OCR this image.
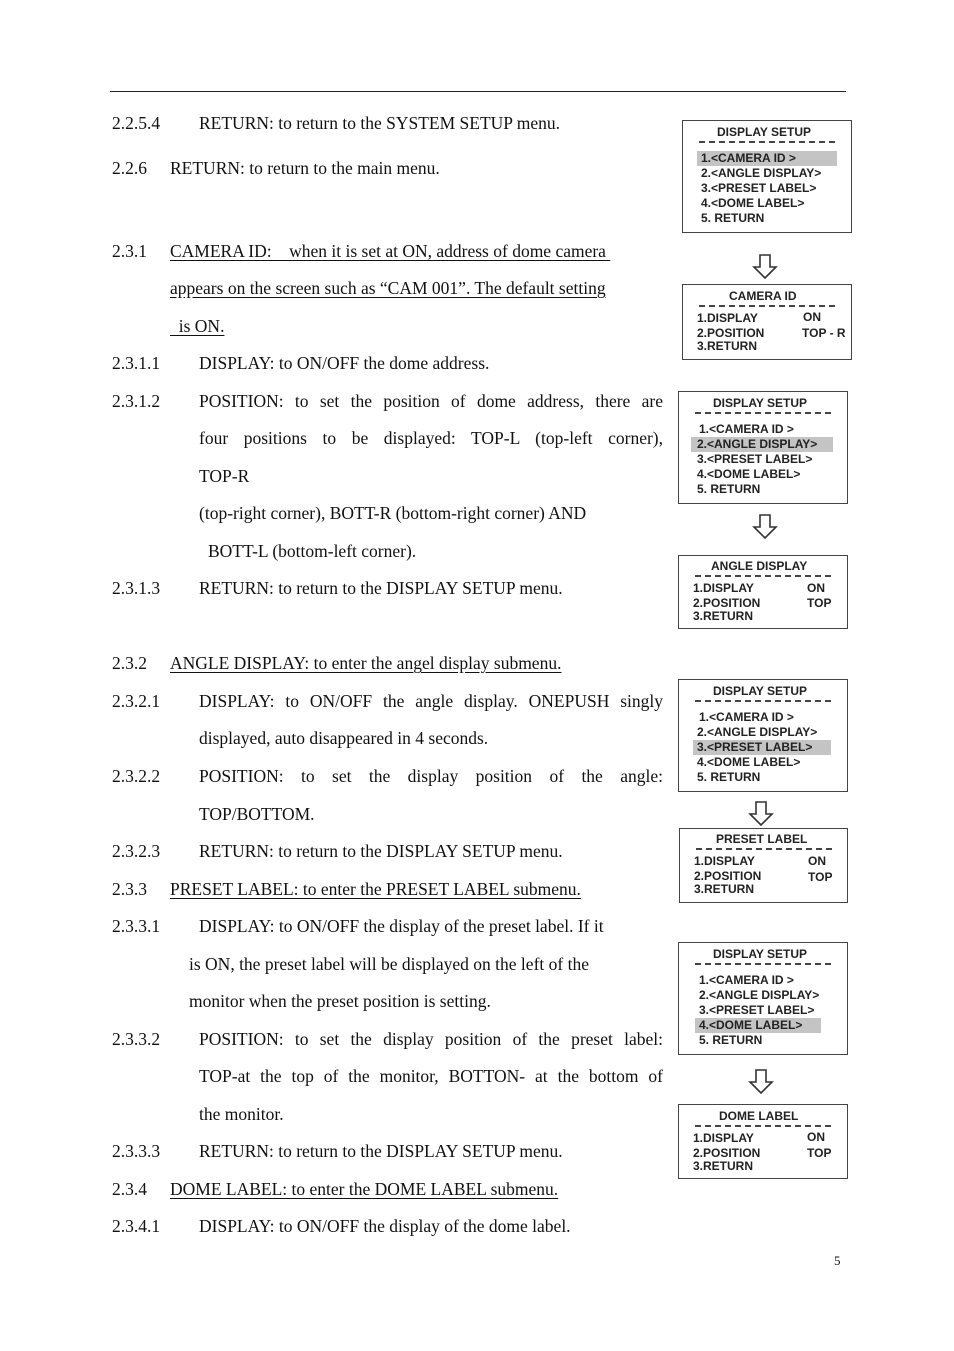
2.2.5.4 RETURN: to return to the SYSTEM SETUP menu.
2.2.6 RETURN: to return to the main menu.
2.3.1 CAMERA ID:    when it is set at ON, address of dome camera
appears on the screen such as “CAM 001”. The default setting
is ON.
2.3.1.1 DISPLAY: to ON/OFF the dome address.
2.3.1.2 POSITION: to set the position of dome address, there are
four positions to be displayed: TOP-L (top-left corner),
TOP-R
(top-right corner), BOTT-R (bottom-right corner) AND
BOTT-L (bottom-left corner).
2.3.1.3 RETURN: to return to the DISPLAY SETUP menu.
2.3.2 ANGLE DISPLAY: to enter the angel display submenu.
2.3.2.1 DISPLAY: to ON/OFF the angle display. ONEPUSH singly
displayed, auto disappeared in 4 seconds.
2.3.2.2 POSITION: to set the display position of the angle:
TOP/BOTTOM.
2.3.2.3 RETURN: to return to the DISPLAY SETUP menu.
2.3.3 PRESET LABEL: to enter the PRESET LABEL submenu.
2.3.3.1 DISPLAY: to ON/OFF the display of the preset label. If it
is ON, the preset label will be displayed on the left of the
monitor when the preset position is setting.
2.3.3.2 POSITION: to set the display position of the preset label:
TOP-at the top of the monitor, BOTTON- at the bottom of
the monitor.
2.3.3.3 RETURN: to return to the DISPLAY SETUP menu.
2.3.4 DOME LABEL: to enter the DOME LABEL submenu.
2.3.4.1 DISPLAY: to ON/OFF the display of the dome label.
5
DISPLAY SETUP
1.<CAMERA ID >
2.<ANGLE DISPLAY>
3.<PRESET LABEL>
4.<DOME LABEL>
5. RETURN
CAMERA ID
1.DISPLAY
2.POSITION
3.RETURN
ON
TOP - R
DISPLAY SETUP
1.<CAMERA ID >
2.<ANGLE DISPLAY>
3.<PRESET LABEL>
4.<DOME LABEL>
5. RETURN
ANGLE DISPLAY
1.DISPLAY
2.POSITION
3.RETURN
ON
TOP
DISPLAY SETUP
1.<CAMERA ID >
2.<ANGLE DISPLAY>
3.<PRESET LABEL>
4.<DOME LABEL>
5. RETURN
PRESET LABEL
1.DISPLAY
2.POSITION
3.RETURN
ON
TOP
DISPLAY SETUP
1.<CAMERA ID >
2.<ANGLE DISPLAY>
3.<PRESET LABEL>
4.<DOME LABEL>
5. RETURN
DOME LABEL
1.DISPLAY
2.POSITION
3.RETURN
ON
TOP
